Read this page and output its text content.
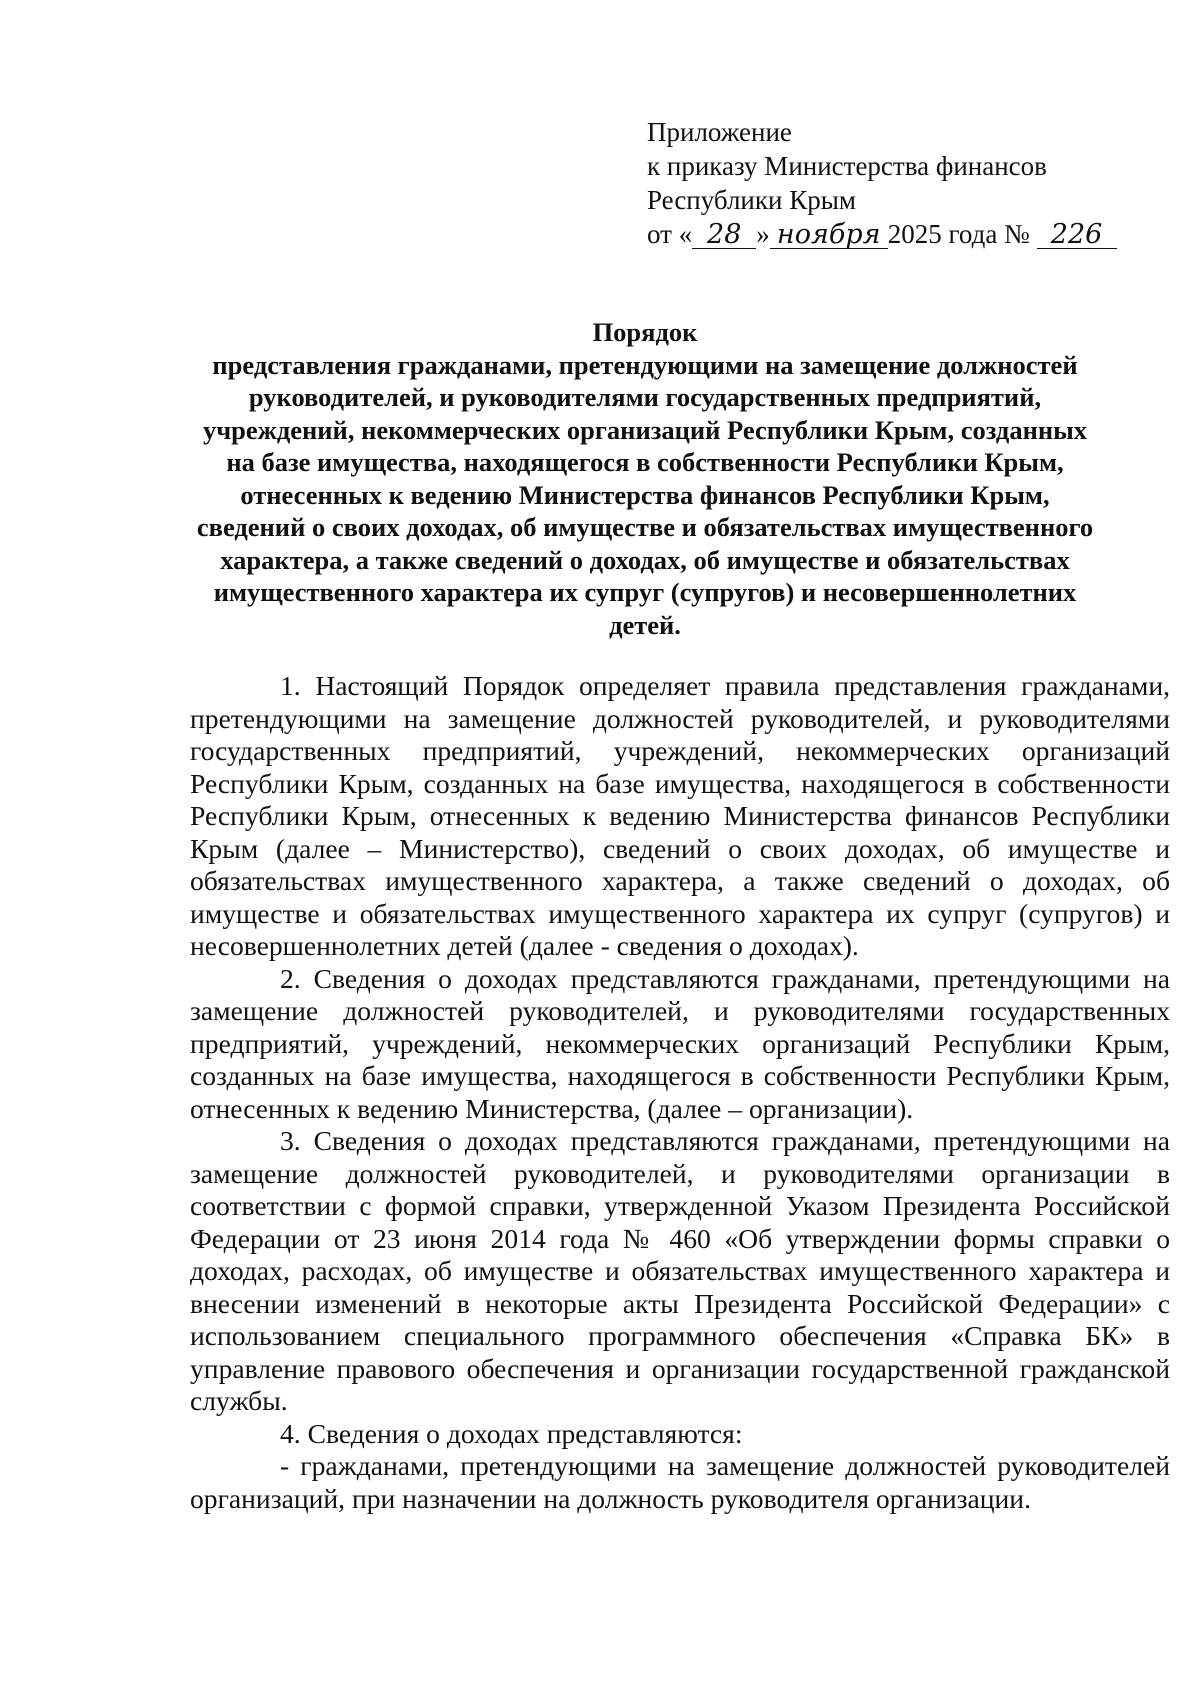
Приложение
к приказу Министерства финансов
Республики Крым
от « 28 » ноября 2025 года № 226
Порядок
представления гражданами, претендующими на замещение должностей руководителей, и руководителями государственных предприятий, учреждений, некоммерческих организаций Республики Крым, созданных на базе имущества, находящегося в собственности Республики Крым, отнесенных к ведению Министерства финансов Республики Крым, сведений о своих доходах, об имуществе и обязательствах имущественного характера, а также сведений о доходах, об имуществе и обязательствах имущественного характера их супруг (супругов) и несовершеннолетних детей.

1. Настоящий Порядок определяет правила представления гражданами, претендующими на замещение должностей руководителей, и руководителями государственных предприятий, учреждений, некоммерческих организаций Республики Крым, созданных на базе имущества, находящегося в собственности Республики Крым, отнесенных к ведению Министерства финансов Республики Крым (далее – Министерство), сведений о своих доходах, об имуществе и обязательствах имущественного характера, а также сведений о доходах, об имуществе и обязательствах имущественного характера их супруг (супругов) и несовершеннолетних детей (далее - сведения о доходах).

2. Сведения о доходах представляются гражданами, претендующими на замещение должностей руководителей, и руководителями государственных предприятий, учреждений, некоммерческих организаций Республики Крым, созданных на базе имущества, находящегося в собственности Республики Крым, отнесенных к ведению Министерства, (далее – организации).

3. Сведения о доходах представляются гражданами, претендующими на замещение должностей руководителей, и руководителями организации в соответствии с формой справки, утвержденной Указом Президента Российской Федерации от 23 июня 2014 года № 460 «Об утверждении формы справки о доходах, расходах, об имуществе и обязательствах имущественного характера и внесении изменений в некоторые акты Президента Российской Федерации» с использованием специального программного обеспечения «Справка БК» в управление правового обеспечения и организации государственной гражданской службы.

4. Сведения о доходах представляются:

- гражданами, претендующими на замещение должностей руководителей организаций, при назначении на должность руководителя организации.
